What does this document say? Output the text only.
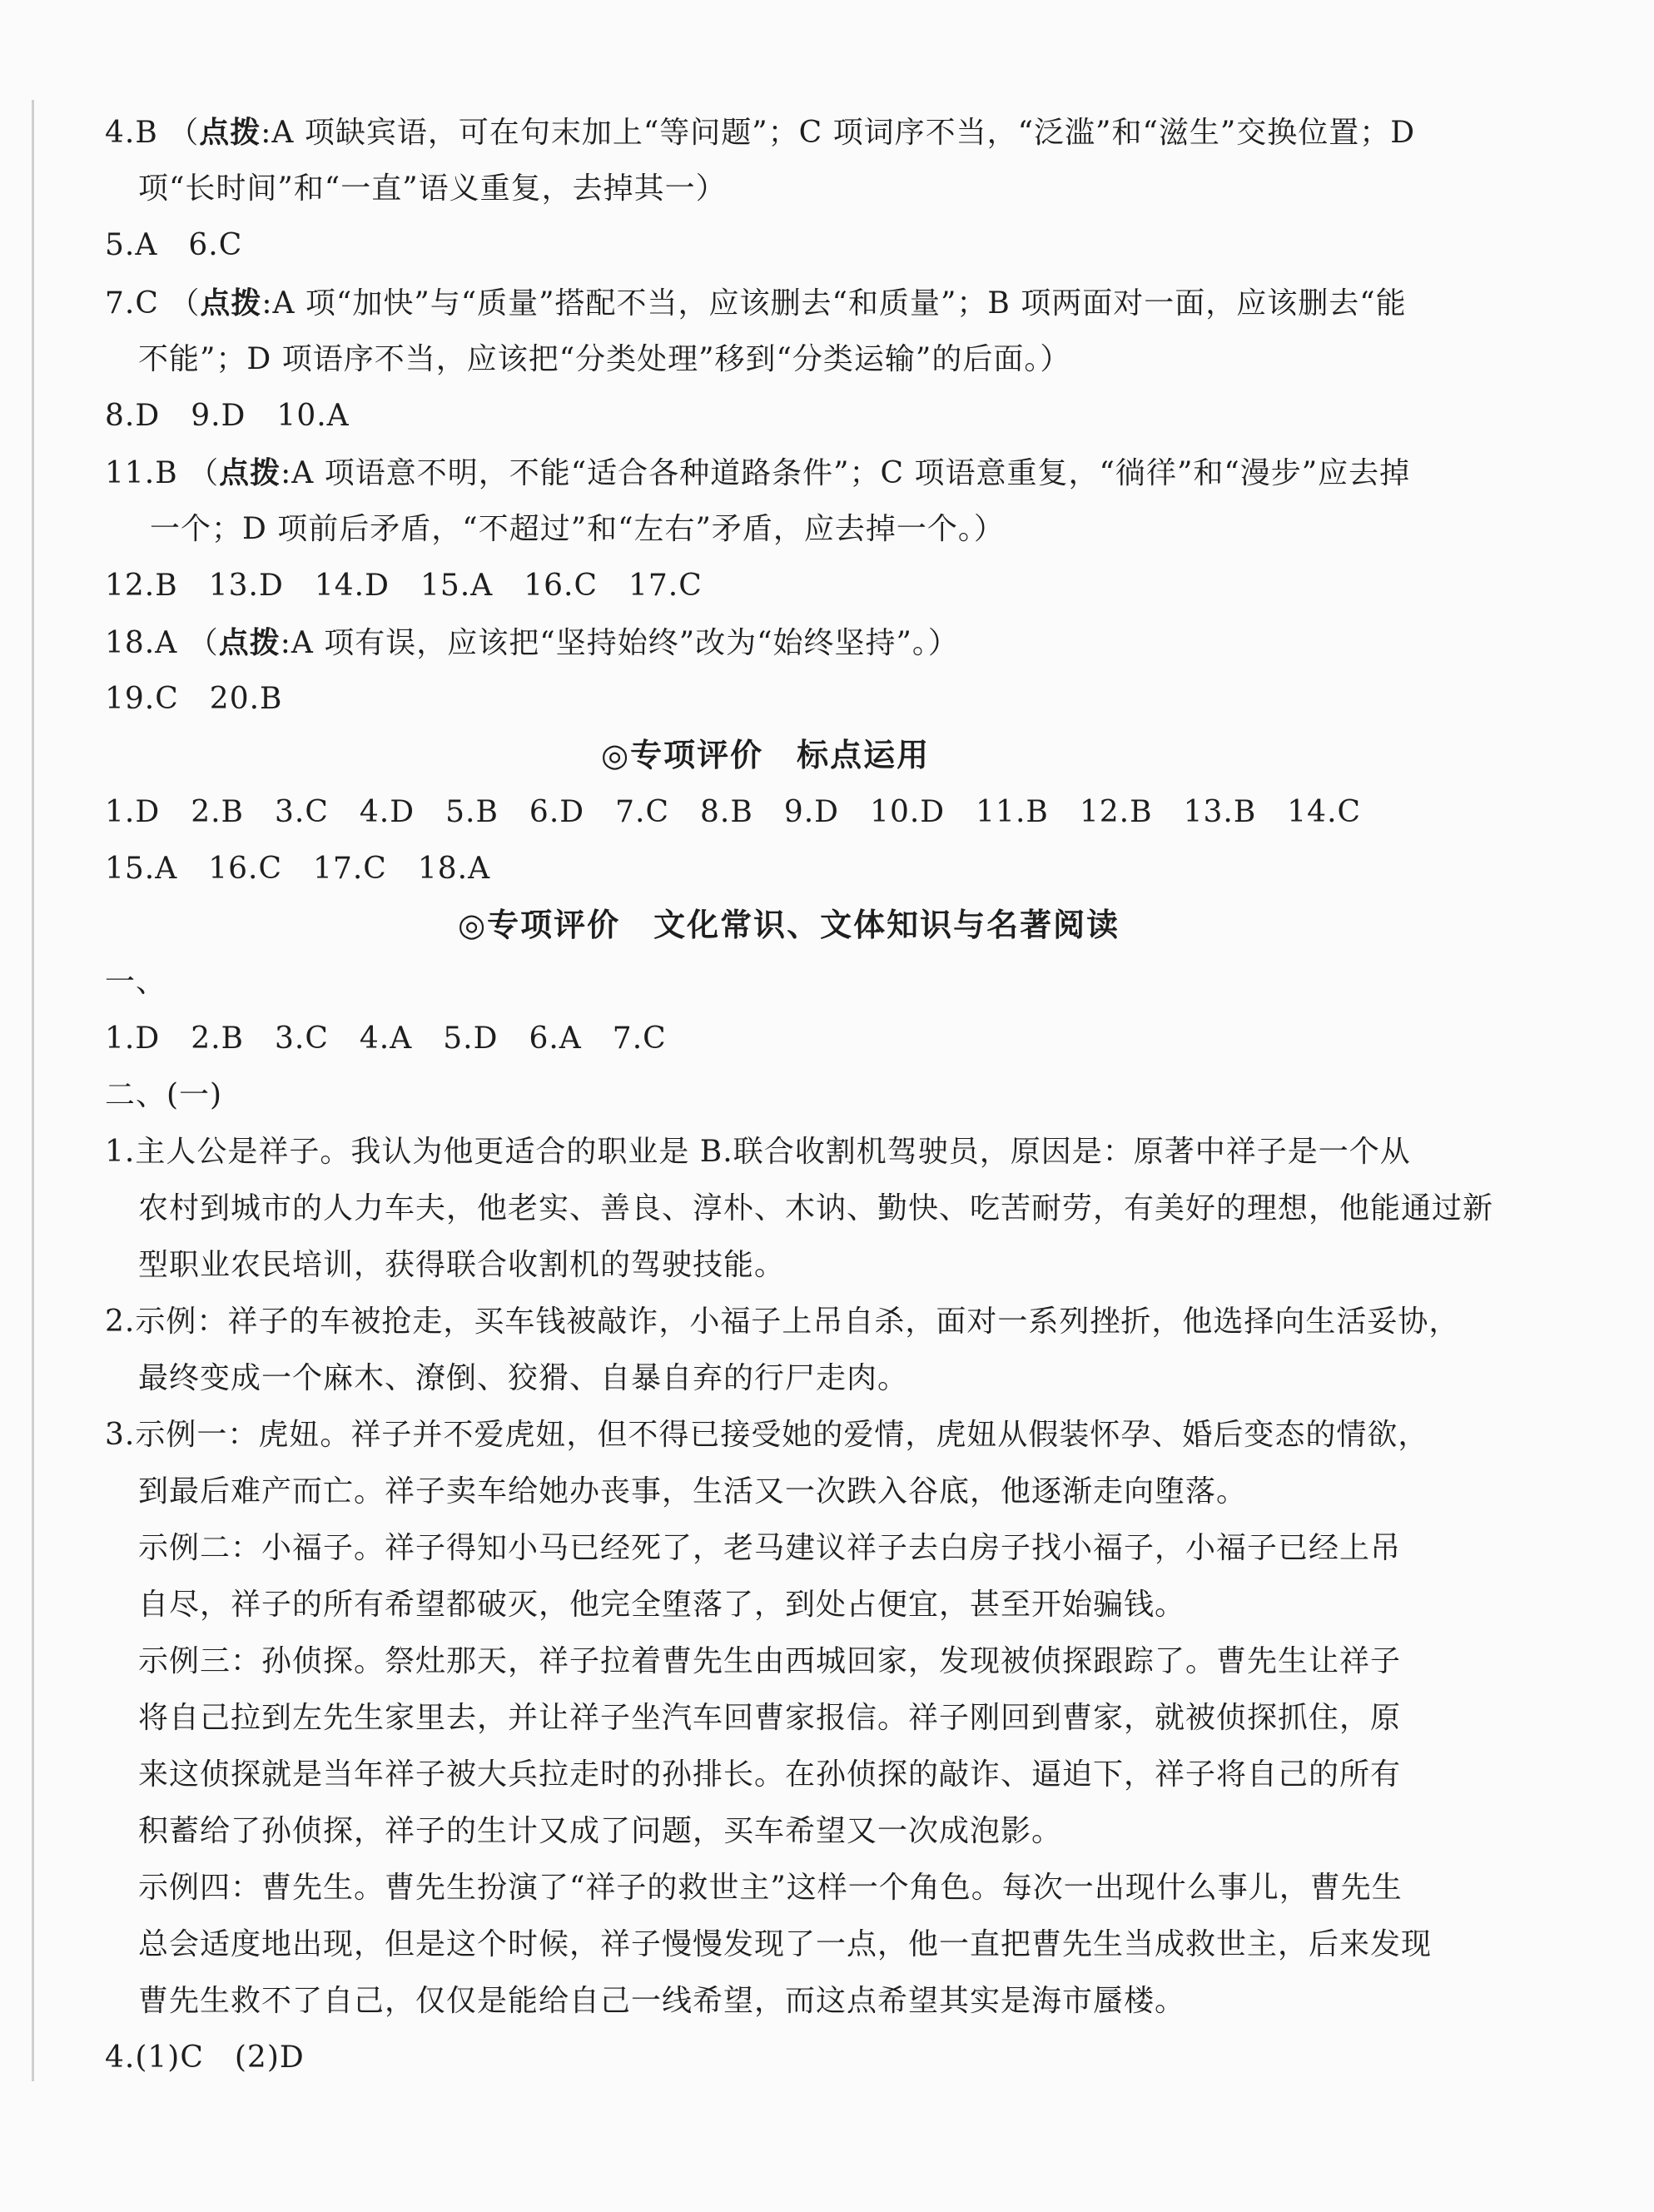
4.B （点拨:A 项缺宾语，可在句末加上“等问题”；C 项词序不当，“泛滥”和“滋生”交换位置；D
项“长时间”和“一直”语义重复，去掉其一）
5.A　6.C
7.C （点拨:A 项“加快”与“质量”搭配不当，应该删去“和质量”；B 项两面对一面，应该删去“能
不能”；D 项语序不当，应该把“分类处理”移到“分类运输”的后面。）
8.D　9.D　10.A
11.B （点拨:A 项语意不明，不能“适合各种道路条件”；C 项语意重复，“徜徉”和“漫步”应去掉
一个；D 项前后矛盾，“不超过”和“左右”矛盾，应去掉一个。）
12.B　13.D　14.D　15.A　16.C　17.C
18.A （点拨:A 项有误，应该把“坚持始终”改为“始终坚持”。）
19.C　20.B
◎专项评价　标点运用
1.D　2.B　3.C　4.D　5.B　6.D　7.C　8.B　9.D　10.D　11.B　12.B　13.B　14.C
15.A　16.C　17.C　18.A
◎专项评价　文化常识、文体知识与名著阅读
一、
1.D　2.B　3.C　4.A　5.D　6.A　7.C
二、(一)
1.主人公是祥子。我认为他更适合的职业是 B.联合收割机驾驶员，原因是：原著中祥子是一个从
农村到城市的人力车夫，他老实、善良、淳朴、木讷、勤快、吃苦耐劳，有美好的理想，他能通过新
型职业农民培训，获得联合收割机的驾驶技能。
2.示例：祥子的车被抢走，买车钱被敲诈，小福子上吊自杀，面对一系列挫折，他选择向生活妥协，
最终变成一个麻木、潦倒、狡猾、自暴自弃的行尸走肉。
3.示例一：虎妞。祥子并不爱虎妞，但不得已接受她的爱情，虎妞从假装怀孕、婚后变态的情欲，
到最后难产而亡。祥子卖车给她办丧事，生活又一次跌入谷底，他逐渐走向堕落。
示例二：小福子。祥子得知小马已经死了，老马建议祥子去白房子找小福子，小福子已经上吊
自尽，祥子的所有希望都破灭，他完全堕落了，到处占便宜，甚至开始骗钱。
示例三：孙侦探。祭灶那天，祥子拉着曹先生由西城回家，发现被侦探跟踪了。曹先生让祥子
将自己拉到左先生家里去，并让祥子坐汽车回曹家报信。祥子刚回到曹家，就被侦探抓住，原
来这侦探就是当年祥子被大兵拉走时的孙排长。在孙侦探的敲诈、逼迫下，祥子将自己的所有
积蓄给了孙侦探，祥子的生计又成了问题，买车希望又一次成泡影。
示例四：曹先生。曹先生扮演了“祥子的救世主”这样一个角色。每次一出现什么事儿，曹先生
总会适度地出现，但是这个时候，祥子慢慢发现了一点，他一直把曹先生当成救世主，后来发现
曹先生救不了自己，仅仅是能给自己一线希望，而这点希望其实是海市蜃楼。
4.(1)C　(2)D
